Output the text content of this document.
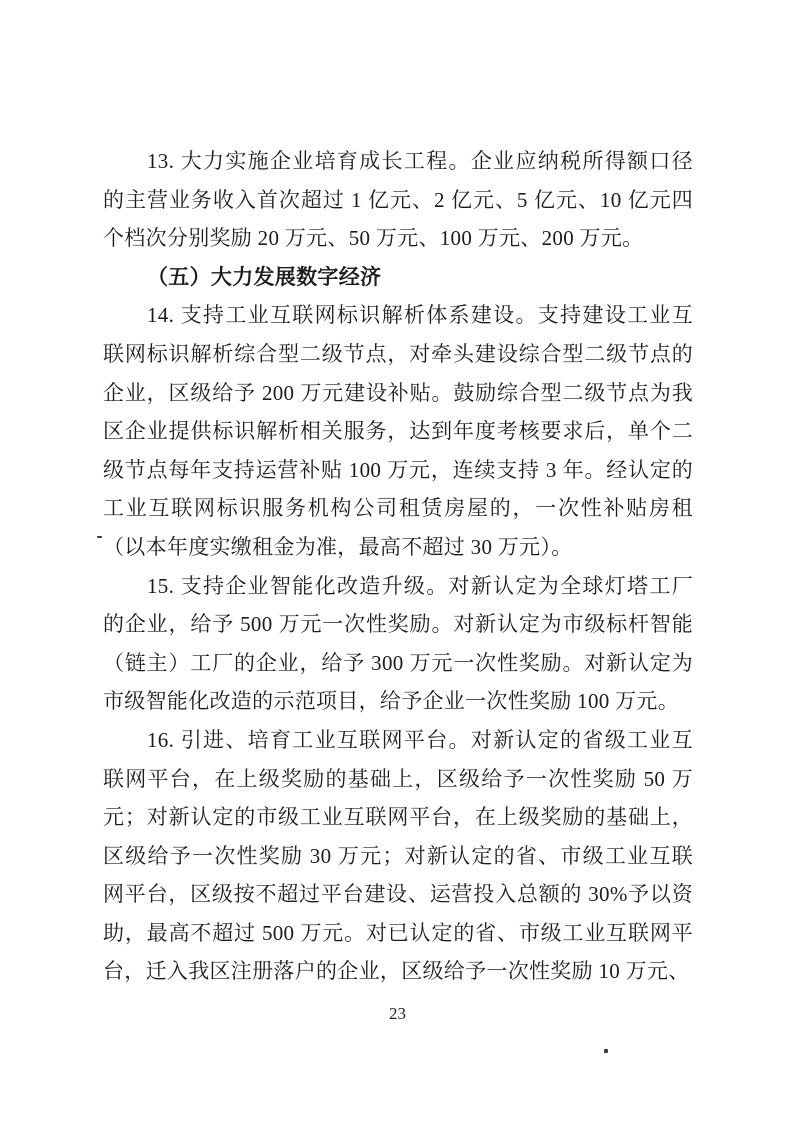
13. 大力实施企业培育成长工程。企业应纳税所得额口径
的主营业务收入首次超过 1 亿元、2 亿元、5 亿元、10 亿元四
个档次分别奖励 20 万元、50 万元、100 万元、200 万元。
（五）大力发展数字经济
14. 支持工业互联网标识解析体系建设。支持建设工业互
联网标识解析综合型二级节点，对牵头建设综合型二级节点的
企业，区级给予 200 万元建设补贴。鼓励综合型二级节点为我
区企业提供标识解析相关服务，达到年度考核要求后，单个二
级节点每年支持运营补贴 100 万元，连续支持 3 年。经认定的
工业互联网标识服务机构公司租赁房屋的，一次性补贴房租
（以本年度实缴租金为准，最高不超过 30 万元）。
15. 支持企业智能化改造升级。对新认定为全球灯塔工厂
的企业，给予 500 万元一次性奖励。对新认定为市级标杆智能
（链主）工厂的企业，给予 300 万元一次性奖励。对新认定为
市级智能化改造的示范项目，给予企业一次性奖励 100 万元。
16. 引进、培育工业互联网平台。对新认定的省级工业互
联网平台，在上级奖励的基础上，区级给予一次性奖励 50 万
元；对新认定的市级工业互联网平台，在上级奖励的基础上，
区级给予一次性奖励 30 万元；对新认定的省、市级工业互联
网平台，区级按不超过平台建设、运营投入总额的 30%予以资
助，最高不超过 500 万元。对已认定的省、市级工业互联网平
台，迁入我区注册落户的企业，区级给予一次性奖励 10 万元、
23
